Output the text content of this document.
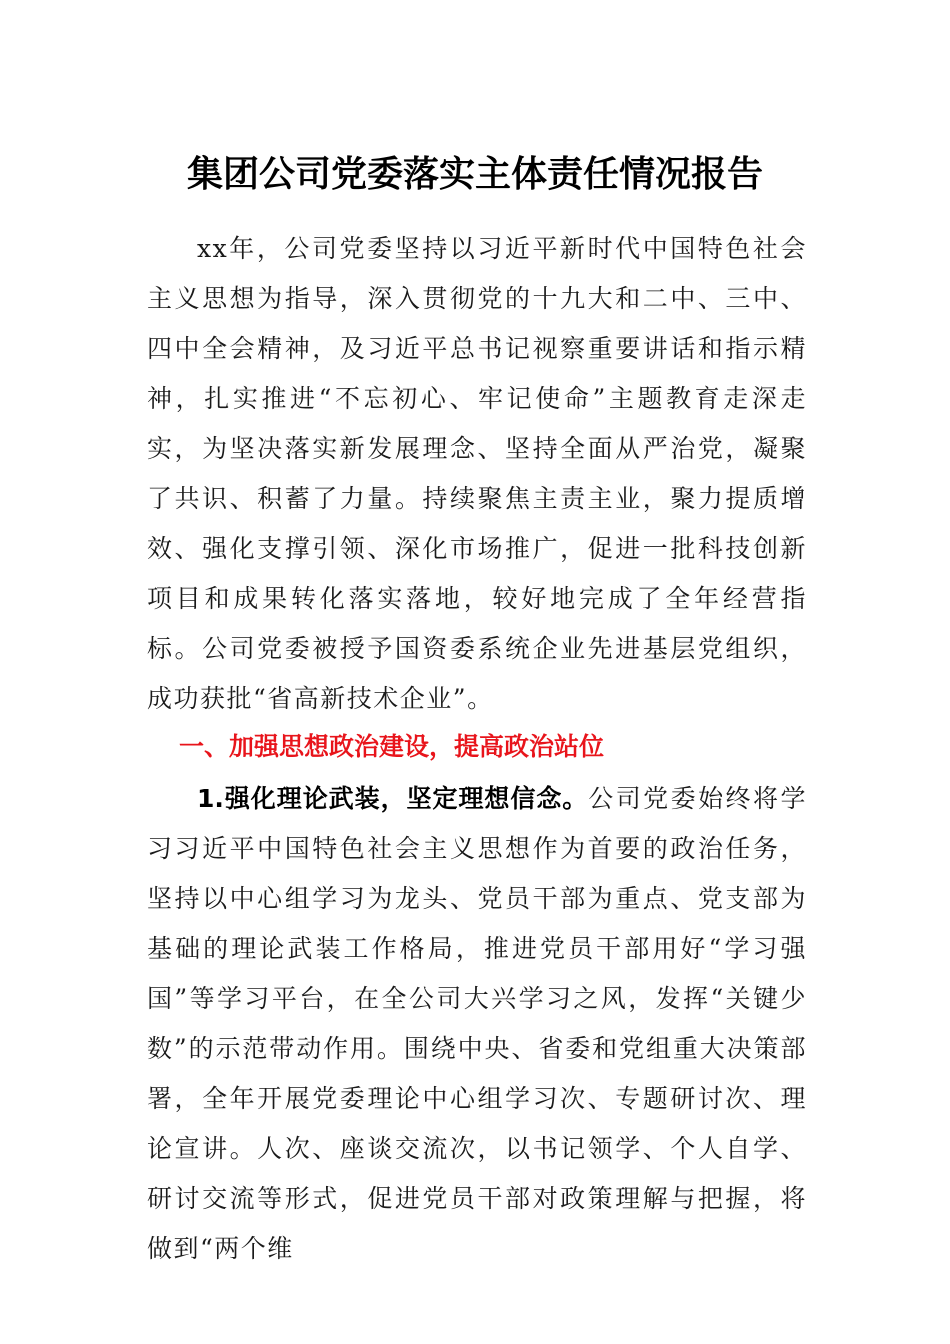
集团公司党委落实主体责任情况报告

xx年，公司党委坚持以习近平新时代中国特色社会主义思想为指导，深入贯彻党的十九大和二中、三中、四中全会精神，及习近平总书记视察重要讲话和指示精神，扎实推进“不忘初心、牢记使命”主题教育走深走实，为坚决落实新发展理念、坚持全面从严治党，凝聚了共识、积蓄了力量。持续聚焦主责主业，聚力提质增效、强化支撑引领、深化市场推广，促进一批科技创新项目和成果转化落实落地，较好地完成了全年经营指标。公司党委被授予国资委系统企业先进基层党组织，成功获批“省高新技术企业”。

一、加强思想政治建设，提高政治站位

1.强化理论武装，坚定理想信念。公司党委始终将学习习近平中国特色社会主义思想作为首要的政治任务，坚持以中心组学习为龙头、党员干部为重点、党支部为基础的理论武装工作格局，推进党员干部用好“学习强国”等学习平台，在全公司大兴学习之风，发挥“关键少数”的示范带动作用。围绕中央、省委和党组重大决策部署，全年开展党委理论中心组学习次、专题研讨次、理论宣讲。人次、座谈交流次，以书记领学、个人自学、研讨交流等形式，促进党员干部对政策理解与把握，将做到“两个维
